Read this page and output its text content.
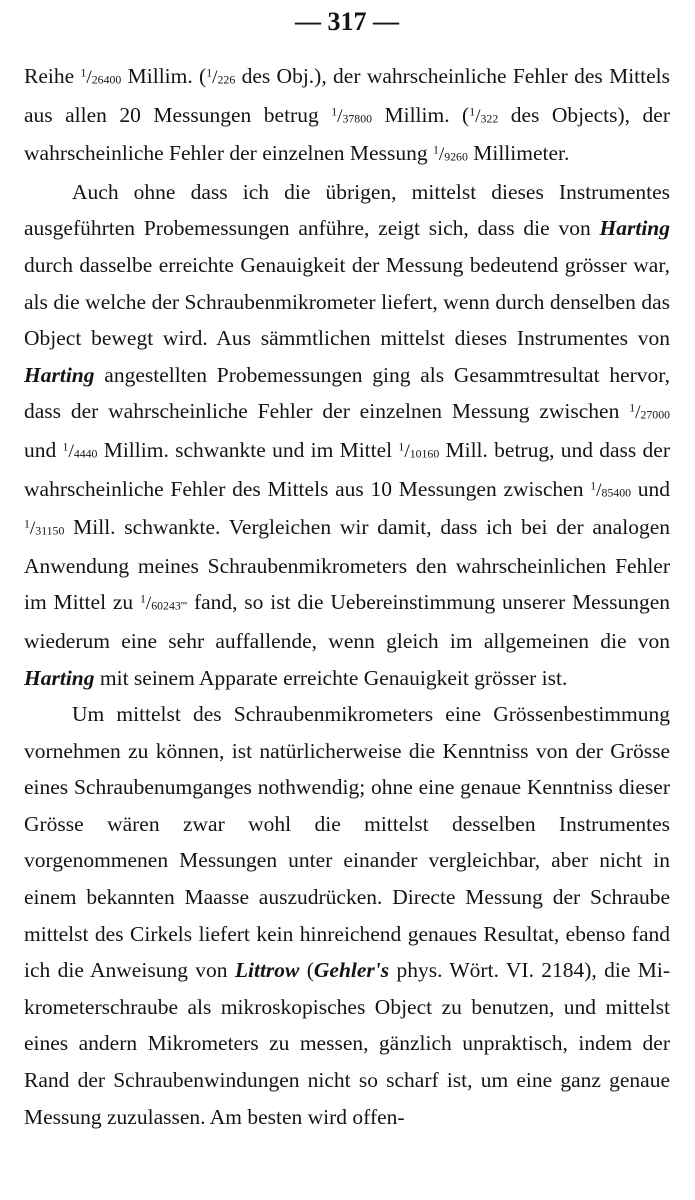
— 317 —

Reihe $^1/_{26400}$ Millim. ($^1/_{226}$ des Obj.), der wahrscheinliche Fehler des Mittels aus allen 20 Messungen betrug $^1/_{37800}$ Millim. ($^1/_{322}$ des Objects), der wahrscheinliche Fehler der einzelnen Messung $^1/_{9260}$ Millimeter.

Auch ohne dass ich die übrigen, mittelst dieses Instrumentes ausgeführten Probemessungen anführe, zeigt sich, dass die von Harting durch dasselbe erreichte Genauigkeit der Messung bedeutend grösser war, als die welche der Schraubenmikrometer liefert, wenn durch denselben das Object bewegt wird. Aus sämmtlichen mittelst dieses Instrumentes von Harting angestellten Probemessungen ging als Gesammtresultat hervor, dass der wahrscheinliche Fehler der einzelnen Messung zwischen $^1/_{27000}$ und $^1/_{4440}$ Millim. schwankte und im Mittel $^1/_{10160}$ Mill. betrug, und dass der wahrscheinliche Fehler des Mittels aus 10 Messungen zwischen $^1/_{85400}$ und $^1/_{31150}$ Mill. schwankte. Vergleichen wir damit, dass ich bei der analogen Anwendung meines Schraubenmikrometers den wahrscheinlichen Fehler im Mittel zu $^1/_{60243'''}$ fand, so ist die Uebereinstimmung unserer Messungen wiederum eine sehr auffallende, wenn gleich im allgemeinen die von Harting mit seinem Apparate erreichte Genauigkeit grösser ist.

Um mittelst des Schraubenmikrometers eine Grössenbestimmung vornehmen zu können, ist natürlicherweise die Kenntniss von der Grösse eines Schraubenumganges nothwendig; ohne eine genaue Kenntniss dieser Grösse wären zwar wohl die mittelst desselben Instrumentes vorgenommenen Messungen unter einander vergleichbar, aber nicht in einem bekannten Maasse auszudrücken. Directe Messung der Schraube mittelst des Cirkels liefert kein hinreichend genaues Resultat, ebenso fand ich die Anweisung von Littrow (Gehler's phys. Wört. VI. 2184), die Mikrometerschraube als mikroskopisches Object zu benutzen, und mittelst eines andern Mikrometers zu messen, gänzlich unpraktisch, indem der Rand der Schraubenwindungen nicht so scharf ist, um eine ganz genaue Messung zuzulassen. Am besten wird offen-
